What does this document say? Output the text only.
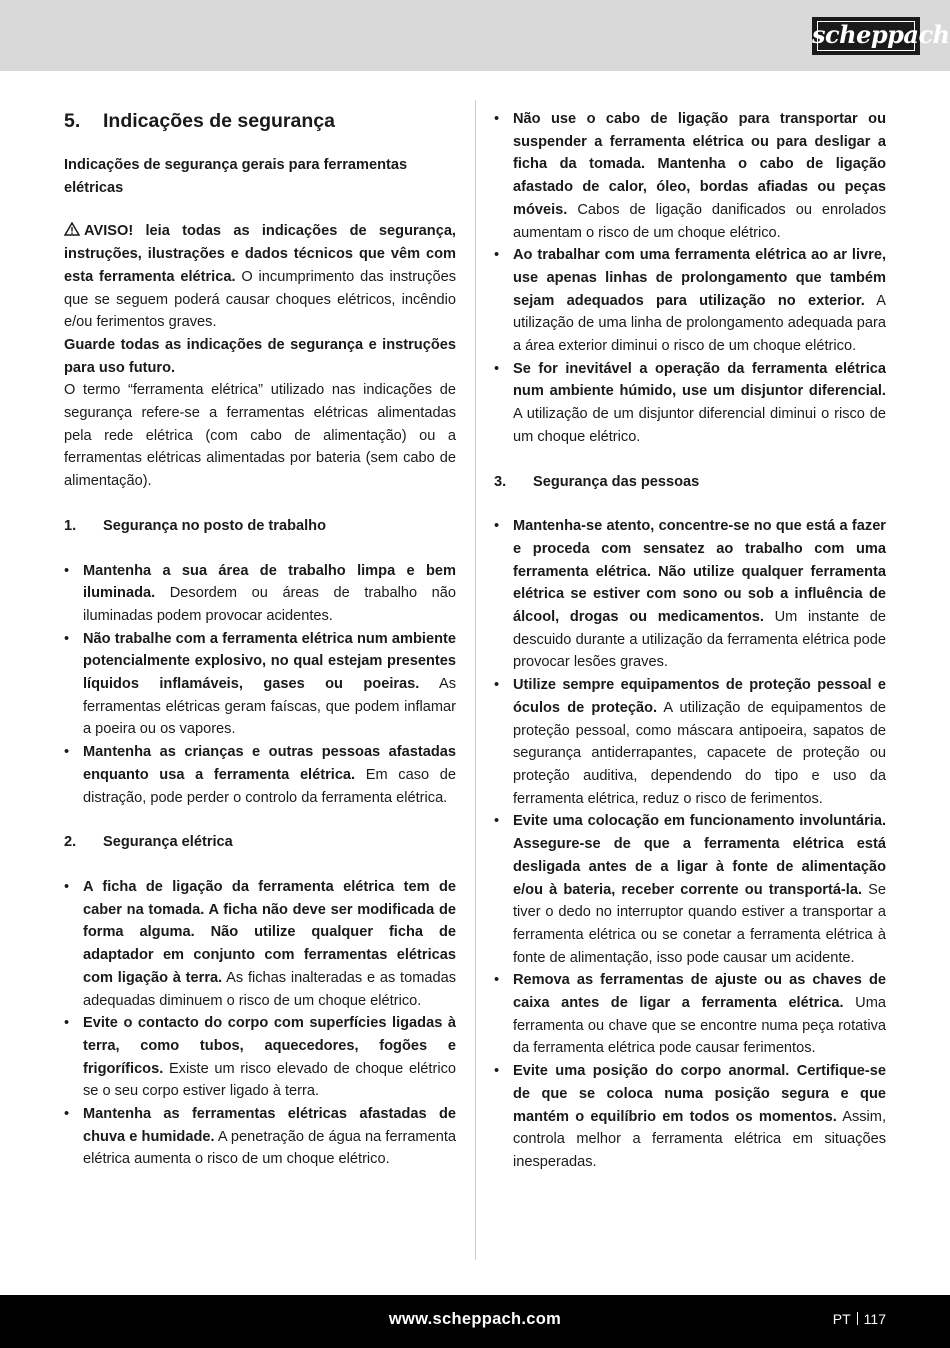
scheppach
5.	Indicações de segurança

Indicações de segurança gerais para ferramentas elétricas

AVISO! leia todas as indicações de segurança, instruções, ilustrações e dados técnicos que vêm com esta ferramenta elétrica. O incumprimento das instruções que se seguem poderá causar choques elétricos, incêndio e/ou ferimentos graves.

Guarde todas as indicações de segurança e instruções para uso futuro.

O termo “ferramenta elétrica” utilizado nas indicações de segurança refere-se a ferramentas elétricas alimentadas pela rede elétrica (com cabo de alimentação) ou a ferramentas elétricas alimentadas por bateria (sem cabo de alimentação).

1.	Segurança no posto de trabalho
• Mantenha a sua área de trabalho limpa e bem iluminada. Desordem ou áreas de trabalho não iluminadas podem provocar acidentes.
• Não trabalhe com a ferramenta elétrica num ambiente potencialmente explosivo, no qual estejam presentes líquidos inflamáveis, gases ou poeiras. As ferramentas elétricas geram faíscas, que podem inflamar a poeira ou os vapores.
• Mantenha as crianças e outras pessoas afastadas enquanto usa a ferramenta elétrica. Em caso de distração, pode perder o controlo da ferramenta elétrica.
2.	Segurança elétrica
• A ficha de ligação da ferramenta elétrica tem de caber na tomada. A ficha não deve ser modificada de forma alguma. Não utilize qualquer ficha de adaptador em conjunto com ferramentas elétricas com ligação à terra. As fichas inalteradas e as tomadas adequadas diminuem o risco de um choque elétrico.
• Evite o contacto do corpo com superfícies ligadas à terra, como tubos, aquecedores, fogões e frigoríficos. Existe um risco elevado de choque elétrico se o seu corpo estiver ligado à terra.
• Mantenha as ferramentas elétricas afastadas de chuva e humidade. A penetração de água na ferramenta elétrica aumenta o risco de um choque elétrico.
• Não use o cabo de ligação para transportar ou suspender a ferramenta elétrica ou para desligar a ficha da tomada. Mantenha o cabo de ligação afastado de calor, óleo, bordas afiadas ou peças móveis. Cabos de ligação danificados ou enrolados aumentam o risco de um choque elétrico.
• Ao trabalhar com uma ferramenta elétrica ao ar livre, use apenas linhas de prolongamento que também sejam adequados para utilização no exterior. A utilização de uma linha de prolongamento adequada para a área exterior diminui o risco de um choque elétrico.
• Se for inevitável a operação da ferramenta elétrica num ambiente húmido, use um disjuntor diferencial. A utilização de um disjuntor diferencial diminui o risco de um choque elétrico.
3.	Segurança das pessoas
• Mantenha-se atento, concentre-se no que está a fazer e proceda com sensatez ao trabalho com uma ferramenta elétrica. Não utilize qualquer ferramenta elétrica se estiver com sono ou sob a influência de álcool, drogas ou medicamentos. Um instante de descuido durante a utilização da ferramenta elétrica pode provocar lesões graves.
• Utilize sempre equipamentos de proteção pessoal e óculos de proteção. A utilização de equipamentos de proteção pessoal, como máscara antipoeira, sapatos de segurança antiderrapantes, capacete de proteção ou proteção auditiva, dependendo do tipo e uso da ferramenta elétrica, reduz o risco de ferimentos.
• Evite uma colocação em funcionamento involuntária. Assegure-se de que a ferramenta elétrica está desligada antes de a ligar à fonte de alimentação e/ou à bateria, receber corrente ou transportá-la. Se tiver o dedo no interruptor quando estiver a transportar a ferramenta elétrica ou se conetar a ferramenta elétrica à fonte de alimentação, isso pode causar um acidente.
• Remova as ferramentas de ajuste ou as chaves de caixa antes de ligar a ferramenta elétrica. Uma ferramenta ou chave que se encontre numa peça rotativa da ferramenta elétrica pode causar ferimentos.
• Evite uma posição do corpo anormal. Certifique-se de que se coloca numa posição segura e que mantém o equilíbrio em todos os momentos. Assim, controla melhor a ferramenta elétrica em situações inesperadas.
www.scheppach.com	PT 117
